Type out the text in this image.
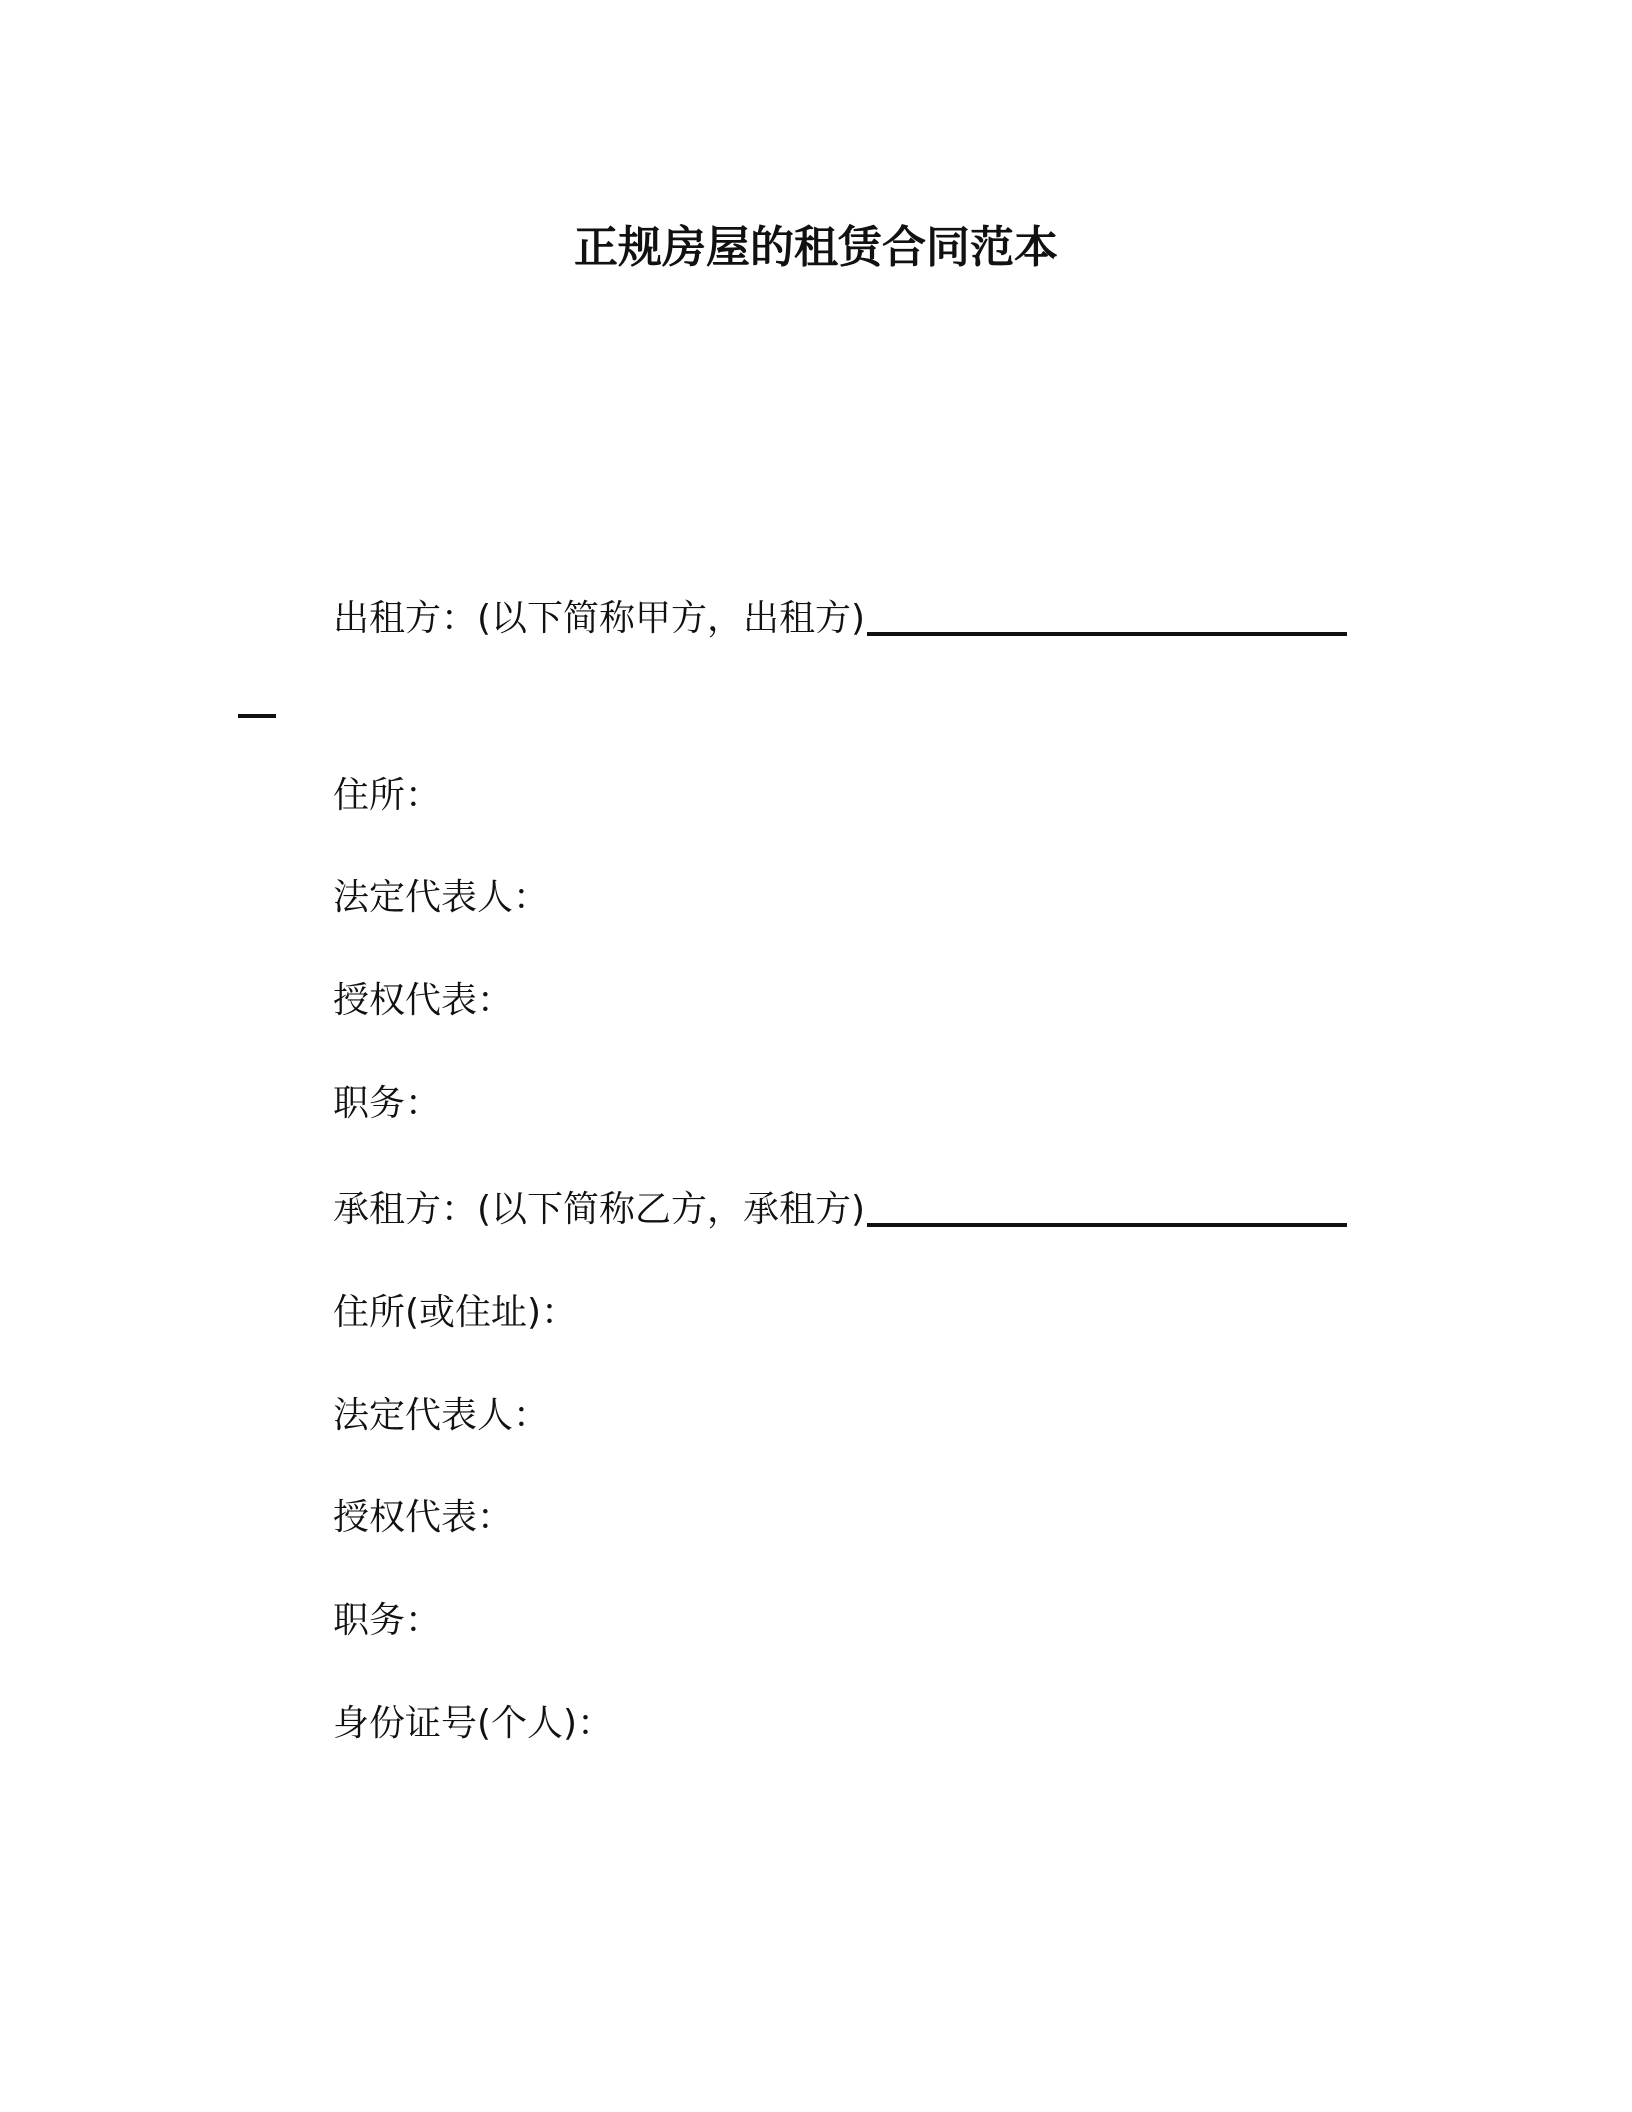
正规房屋的租赁合同范本
出租方：(以下简称甲方，出租方)
住所：
法定代表人：
授权代表：
职务：
承租方：(以下简称乙方，承租方)
住所(或住址)：
法定代表人：
授权代表：
职务：
身份证号(个人)：
